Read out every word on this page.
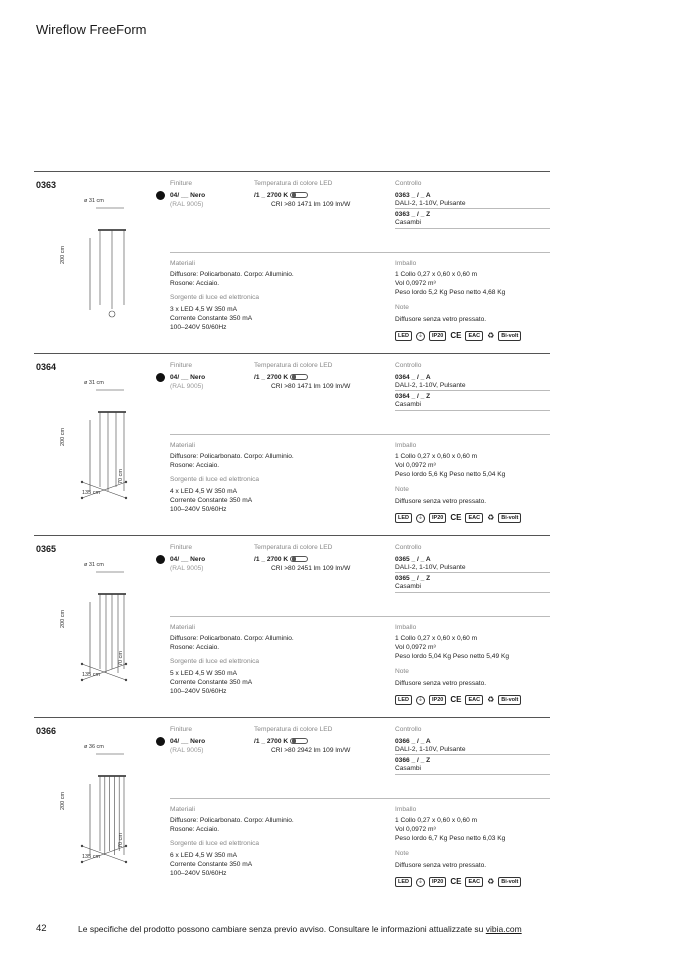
Wireflow FreeForm
0363
ø 31 cm
200 cm
Finiture
04/ __ Nero
(RAL 9005)
Temperatura di colore LED
/1 _ 2700 K
CRI >80 1471 lm 109 lm/W
Controllo
0363 _ / _ A
DALI-2, 1-10V, Pulsante
0363 _ / _ Z
Casambi
Materiali
Diffusore: Policarbonato. Corpo: Alluminio.
Rosone: Acciaio.
Sorgente di luce ed elettronica
3 x LED 4,5 W 350 mA
Corrente Constante 350 mA
100–240V 50/60Hz
Imballo
1 Collo 0,27 x 0,60 x 0,60 m
Vol 0,0972 m³
Peso lordo 5,2 Kg Peso netto 4,68 Kg
Note
Diffusore senza vetro pressato.
LED	⏚	IP20 CE	EAC ♻	Bi-volt
0364
ø 31 cm
200 cm
135 cm
70 cm
Finiture
04/ __ Nero
(RAL 9005)
Temperatura di colore LED
/1 _ 2700 K
CRI >80 1471 lm 109 lm/W
Controllo
0364 _ / _ A
DALI-2, 1-10V, Pulsante
0364 _ / _ Z
Casambi
Materiali
Diffusore: Policarbonato. Corpo: Alluminio.
Rosone: Acciaio.
Sorgente di luce ed elettronica
4 x LED 4,5 W 350 mA
Corrente Constante 350 mA
100–240V 50/60Hz
Imballo
1 Collo 0,27 x 0,60 x 0,60 m
Vol 0,0972 m³
Peso lordo 5,6 Kg Peso netto 5,04 Kg
Note
Diffusore senza vetro pressato.
LED	⏚	IP20 CE	EAC ♻	Bi-volt
0365
ø 31 cm
200 cm
135 cm
70 cm
Finiture
04/ __ Nero
(RAL 9005)
Temperatura di colore LED
/1 _ 2700 K
CRI >80 2451 lm 109 lm/W
Controllo
0365 _ / _ A
DALI-2, 1-10V, Pulsante
0365 _ / _ Z
Casambi
Materiali
Diffusore: Policarbonato. Corpo: Alluminio.
Rosone: Acciaio.
Sorgente di luce ed elettronica
5 x LED 4,5 W 350 mA
Corrente Constante 350 mA
100–240V 50/60Hz
Imballo
1 Collo 0,27 x 0,60 x 0,60 m
Vol 0,0972 m³
Peso lordo 5,04 Kg Peso netto 5,49 Kg
Note
Diffusore senza vetro pressato.
LED	⏚	IP20 CE	EAC ♻	Bi-volt
0366
ø 36 cm
200 cm
135 cm
70 cm
Finiture
04/ __ Nero
(RAL 9005)
Temperatura di colore LED
/1 _ 2700 K
CRI >80 2942 lm 109 lm/W
Controllo
0366 _ / _ A
DALI-2, 1-10V, Pulsante
0366 _ / _ Z
Casambi
Materiali
Diffusore: Policarbonato. Corpo: Alluminio.
Rosone: Acciaio.
Sorgente di luce ed elettronica
6 x LED 4,5 W 350 mA
Corrente Constante 350 mA
100–240V 50/60Hz
Imballo
1 Collo 0,27 x 0,60 x 0,60 m
Vol 0,0972 m³
Peso lordo 6,7 Kg Peso netto 6,03 Kg
Note
Diffusore senza vetro pressato.
LED	⏚	IP20 CE	EAC ♻	Bi-volt
42	Le specifiche del prodotto possono cambiare senza previo avviso. Consultare le informazioni attualizzate su vibia.com
